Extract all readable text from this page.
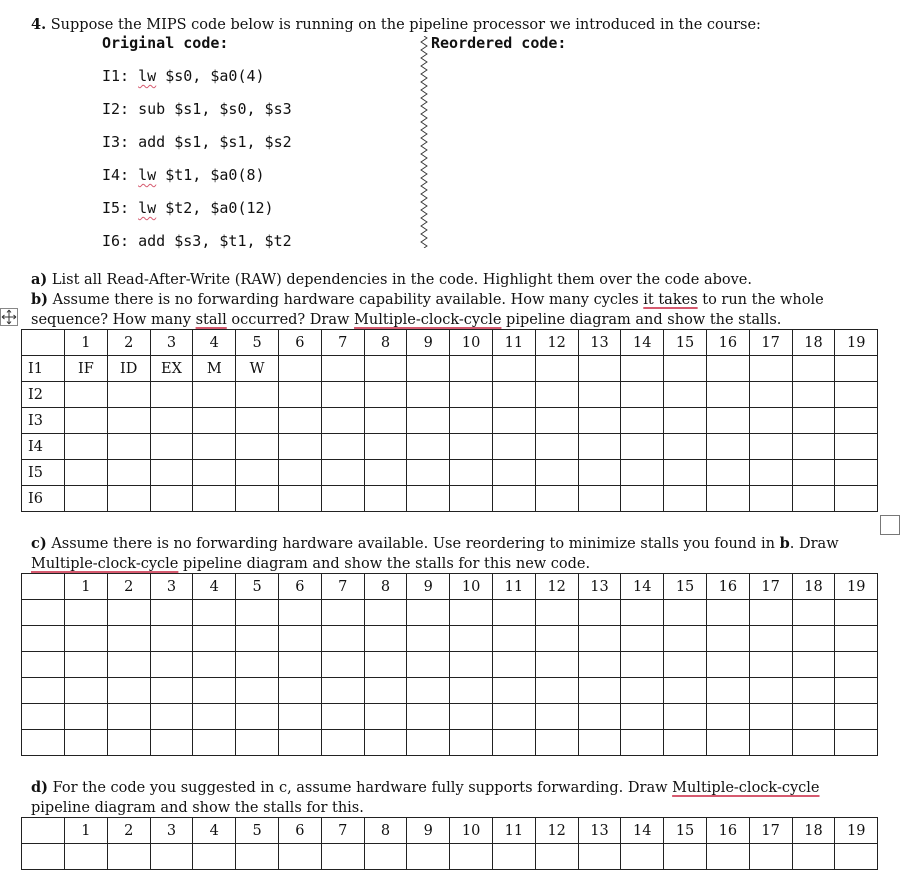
4. Suppose the MIPS code below is running on the pipeline processor we introduced in the course:
Original code:	Reordered code:
I1: lw $s0, $a0(4)
I2: sub $s1, $s0, $s3
I3: add $s1, $s1, $s2
I4: lw $t1, $a0(8)
I5: lw $t2, $a0(12)
I6: add $s3, $t1, $t2
a) List all Read-After-Write (RAW) dependencies in the code. Highlight them over the code above.
b) Assume there is no forwarding hardware capability available. How many cycles it takes to run the whole
sequence? How many stall occurred? Draw Multiple-clock-cycle pipeline diagram and show the stalls.
	1	2	3	4	5	6	7	8	9	10	11	12	13	14	15	16	17	18	19
I1	IF	ID	EX	M	W														
I2																			
I3																			
I4																			
I5																			
I6																			
c) Assume there is no forwarding hardware available. Use reordering to minimize stalls you found in b. Draw
Multiple-clock-cycle pipeline diagram and show the stalls for this new code.
	1	2	3	4	5	6	7	8	9	10	11	12	13	14	15	16	17	18	19

d) For the code you suggested in c, assume hardware fully supports forwarding. Draw Multiple-clock-cycle
pipeline diagram and show the stalls for this.
	1	2	3	4	5	6	7	8	9	10	11	12	13	14	15	16	17	18	19
